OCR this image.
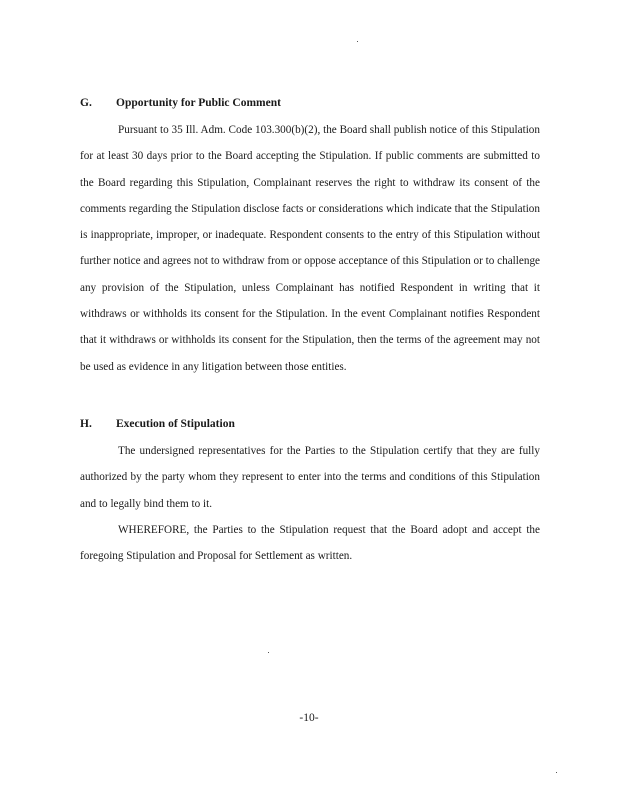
G. Opportunity for Public Comment

Pursuant to 35 Ill. Adm. Code 103.300(b)(2), the Board shall publish notice of this Stipulation for at least 30 days prior to the Board accepting the Stipulation. If public comments are submitted to the Board regarding this Stipulation, Complainant reserves the right to withdraw its consent of the comments regarding the Stipulation disclose facts or considerations which indicate that the Stipulation is inappropriate, improper, or inadequate. Respondent consents to the entry of this Stipulation without further notice and agrees not to withdraw from or oppose acceptance of this Stipulation or to challenge any provision of the Stipulation, unless Complainant has notified Respondent in writing that it withdraws or withholds its consent for the Stipulation. In the event Complainant notifies Respondent that it withdraws or withholds its consent for the Stipulation, then the terms of the agreement may not be used as evidence in any litigation between those entities.

H. Execution of Stipulation

The undersigned representatives for the Parties to the Stipulation certify that they are fully authorized by the party whom they represent to enter into the terms and conditions of this Stipulation and to legally bind them to it.

WHEREFORE, the Parties to the Stipulation request that the Board adopt and accept the foregoing Stipulation and Proposal for Settlement as written.

-10-
